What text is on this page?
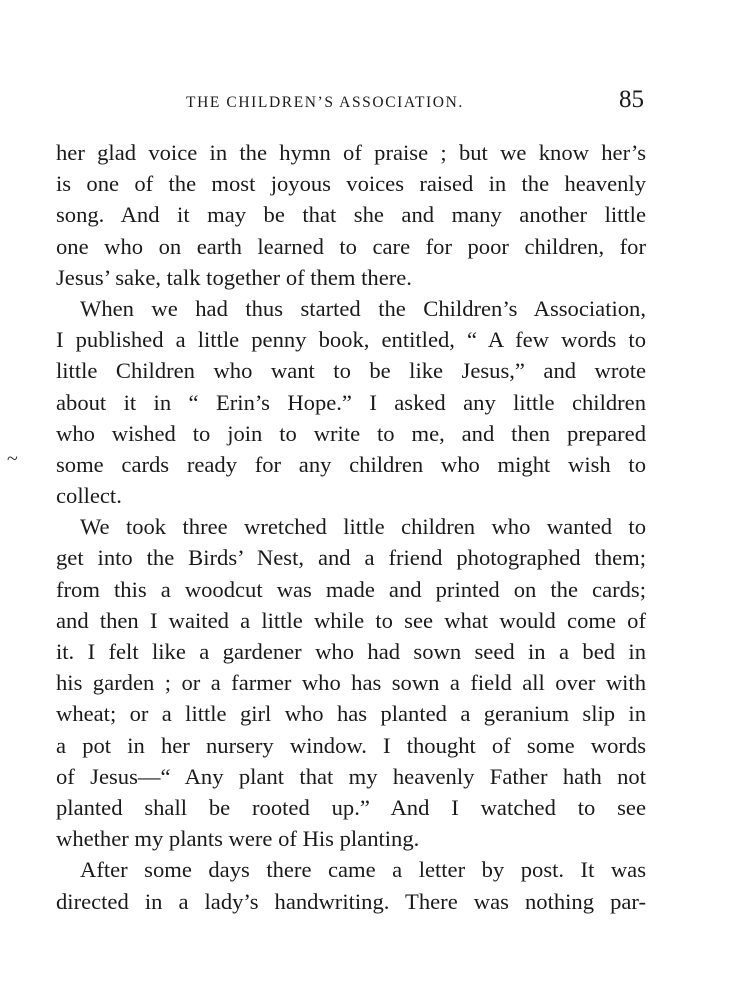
THE CHILDREN’S ASSOCIATION.	85
~
her glad voice in the hymn of praise ; but we know her’s
is one of the most joyous voices raised in the heavenly
song. And it may be that she and many another little
one who on earth learned to care for poor children, for
Jesus’ sake, talk together of them there.
When we had thus started the Children’s Association,
I published a little penny book, entitled, “ A few words to
little Children who want to be like Jesus,” and wrote
about it in “ Erin’s Hope.” I asked any little children
who wished to join to write to me, and then prepared
some cards ready for any children who might wish to
collect.
We took three wretched little children who wanted to
get into the Birds’ Nest, and a friend photographed them;
from this a woodcut was made and printed on the cards;
and then I waited a little while to see what would come of
it. I felt like a gardener who had sown seed in a bed in
his garden ; or a farmer who has sown a field all over with
wheat; or a little girl who has planted a geranium slip in
a pot in her nursery window. I thought of some words
of Jesus—“ Any plant that my heavenly Father hath not
planted shall be rooted up.” And I watched to see
whether my plants were of His planting.
After some days there came a letter by post. It was
directed in a lady’s handwriting. There was nothing par-
